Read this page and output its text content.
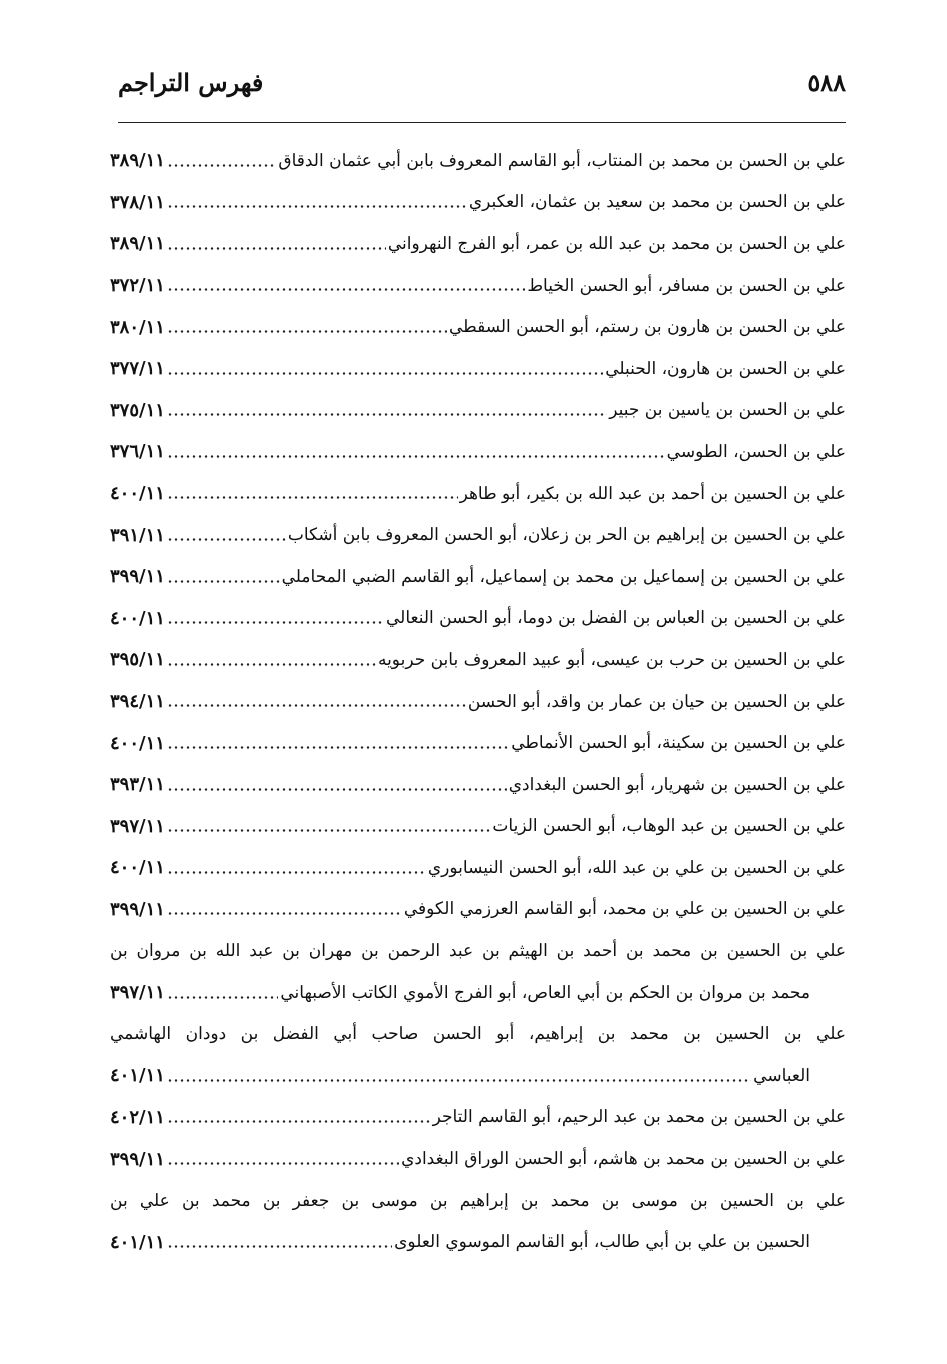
٥٨٨
فهرس التراجم
علي بن الحسن بن محمد بن المنتاب، أبو القاسم المعروف بابن أبي عثمان الدقاق
٣٨٩/١١
علي بن الحسن بن محمد بن سعيد بن عثمان، العكبري
٣٧٨/١١
علي بن الحسن بن محمد بن عبد الله بن عمر، أبو الفرج النهرواني
٣٨٩/١١
علي بن الحسن بن مسافر، أبو الحسن الخياط
٣٧٢/١١
علي بن الحسن بن هارون بن رستم، أبو الحسن السقطي
٣٨٠/١١
علي بن الحسن بن هارون، الحنبلي
٣٧٧/١١
علي بن الحسن بن ياسين بن جبير
٣٧٥/١١
علي بن الحسن، الطوسي
٣٧٦/١١
علي بن الحسين بن أحمد بن عبد الله بن بكير، أبو طاهر
٤٠٠/١١
علي بن الحسين بن إبراهيم بن الحر بن زعلان، أبو الحسن المعروف بابن أشكاب
٣٩١/١١
علي بن الحسين بن إسماعيل بن محمد بن إسماعيل، أبو القاسم الضبي المحاملي
٣٩٩/١١
علي بن الحسين بن العباس بن الفضل بن دوما، أبو الحسن النعالي
٤٠٠/١١
علي بن الحسين بن حرب بن عيسى، أبو عبيد المعروف بابن حربويه
٣٩٥/١١
علي بن الحسين بن حيان بن عمار بن واقد، أبو الحسن
٣٩٤/١١
علي بن الحسين بن سكينة، أبو الحسن الأنماطي
٤٠٠/١١
علي بن الحسين بن شهريار، أبو الحسن البغدادي
٣٩٣/١١
علي بن الحسين بن عبد الوهاب، أبو الحسن الزيات
٣٩٧/١١
علي بن الحسين بن علي بن عبد الله، أبو الحسن النيسابوري
٤٠٠/١١
علي بن الحسين بن علي بن محمد، أبو القاسم العرزمي الكوفي
٣٩٩/١١
علي بن الحسين بن محمد بن أحمد بن الهيثم بن عبد الرحمن بن مهران بن عبد الله بن مروان بن
محمد بن مروان بن الحكم بن أبي العاص، أبو الفرج الأموي الكاتب الأصبهاني
٣٩٧/١١
علي بن الحسين بن محمد بن إبراهيم، أبو الحسن صاحب أبي الفضل بن دودان الهاشمي
العباسي
٤٠١/١١
علي بن الحسين بن محمد بن عبد الرحيم، أبو القاسم التاجر
٤٠٢/١١
علي بن الحسين بن محمد بن هاشم، أبو الحسن الوراق البغدادي
٣٩٩/١١
علي بن الحسين بن موسى بن محمد بن إبراهيم بن موسى بن جعفر بن محمد بن علي بن
الحسين بن علي بن أبي طالب، أبو القاسم الموسوي العلوى
٤٠١/١١
